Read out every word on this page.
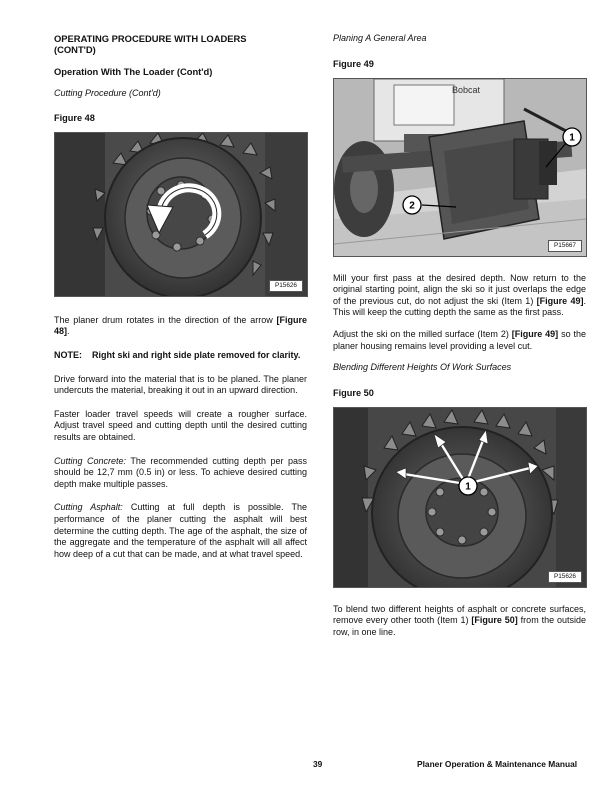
OPERATING PROCEDURE WITH LOADERS (CONT'D)

Operation With The Loader (Cont'd)

Cutting Procedure (Cont'd)

Figure 48

P15626

The planer drum rotates in the direction of the arrow [Figure 48].

NOTE:	Right ski and right side plate removed for clarity.

Drive forward into the material that is to be planed. The planer undercuts the material, breaking it out in an upward direction.

Faster loader travel speeds will create a rougher surface. Adjust travel speed and cutting depth until the desired cutting results are obtained.

Cutting Concrete: The recommended cutting depth per pass should be 12,7 mm (0.5 in) or less. To achieve desired cutting depth make multiple passes.

Cutting Asphalt: Cutting at full depth is possible. The performance of the planer cutting the asphalt will best determine the cutting depth. The age of the asphalt, the size of the aggregate and the temperature of the asphalt will all affect how deep of a cut that can be made, and at what travel speed.

Planing A General Area

Figure 49

Bobcat
1
2
P15667

Mill your first pass at the desired depth. Now return to the original starting point, align the ski so it just overlaps the edge of the previous cut, do not adjust the ski (Item 1) [Figure 49]. This will keep the cutting depth the same as the first pass.

Adjust the ski on the milled surface (Item 2) [Figure 49] so the planer housing remains level providing a level cut.

Blending Different Heights Of Work Surfaces

Figure 50

1
P15626

To blend two different heights of asphalt or concrete surfaces, remove every other tooth (Item 1) [Figure 50] from the outside row, in one line.

39	Planer Operation & Maintenance Manual
